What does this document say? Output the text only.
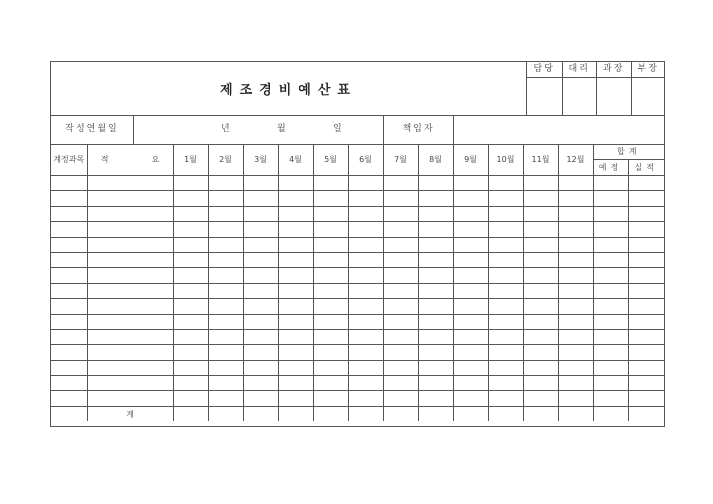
제조경비예산표
담당	대리	과장	부장
작성연월일	년	월	일	책임자
계정과목	적 요	1월	2월	3월	4월	5월	6월	7월	8월	9월	10월	11월	12월	합계	
														예정	실적

	계														
